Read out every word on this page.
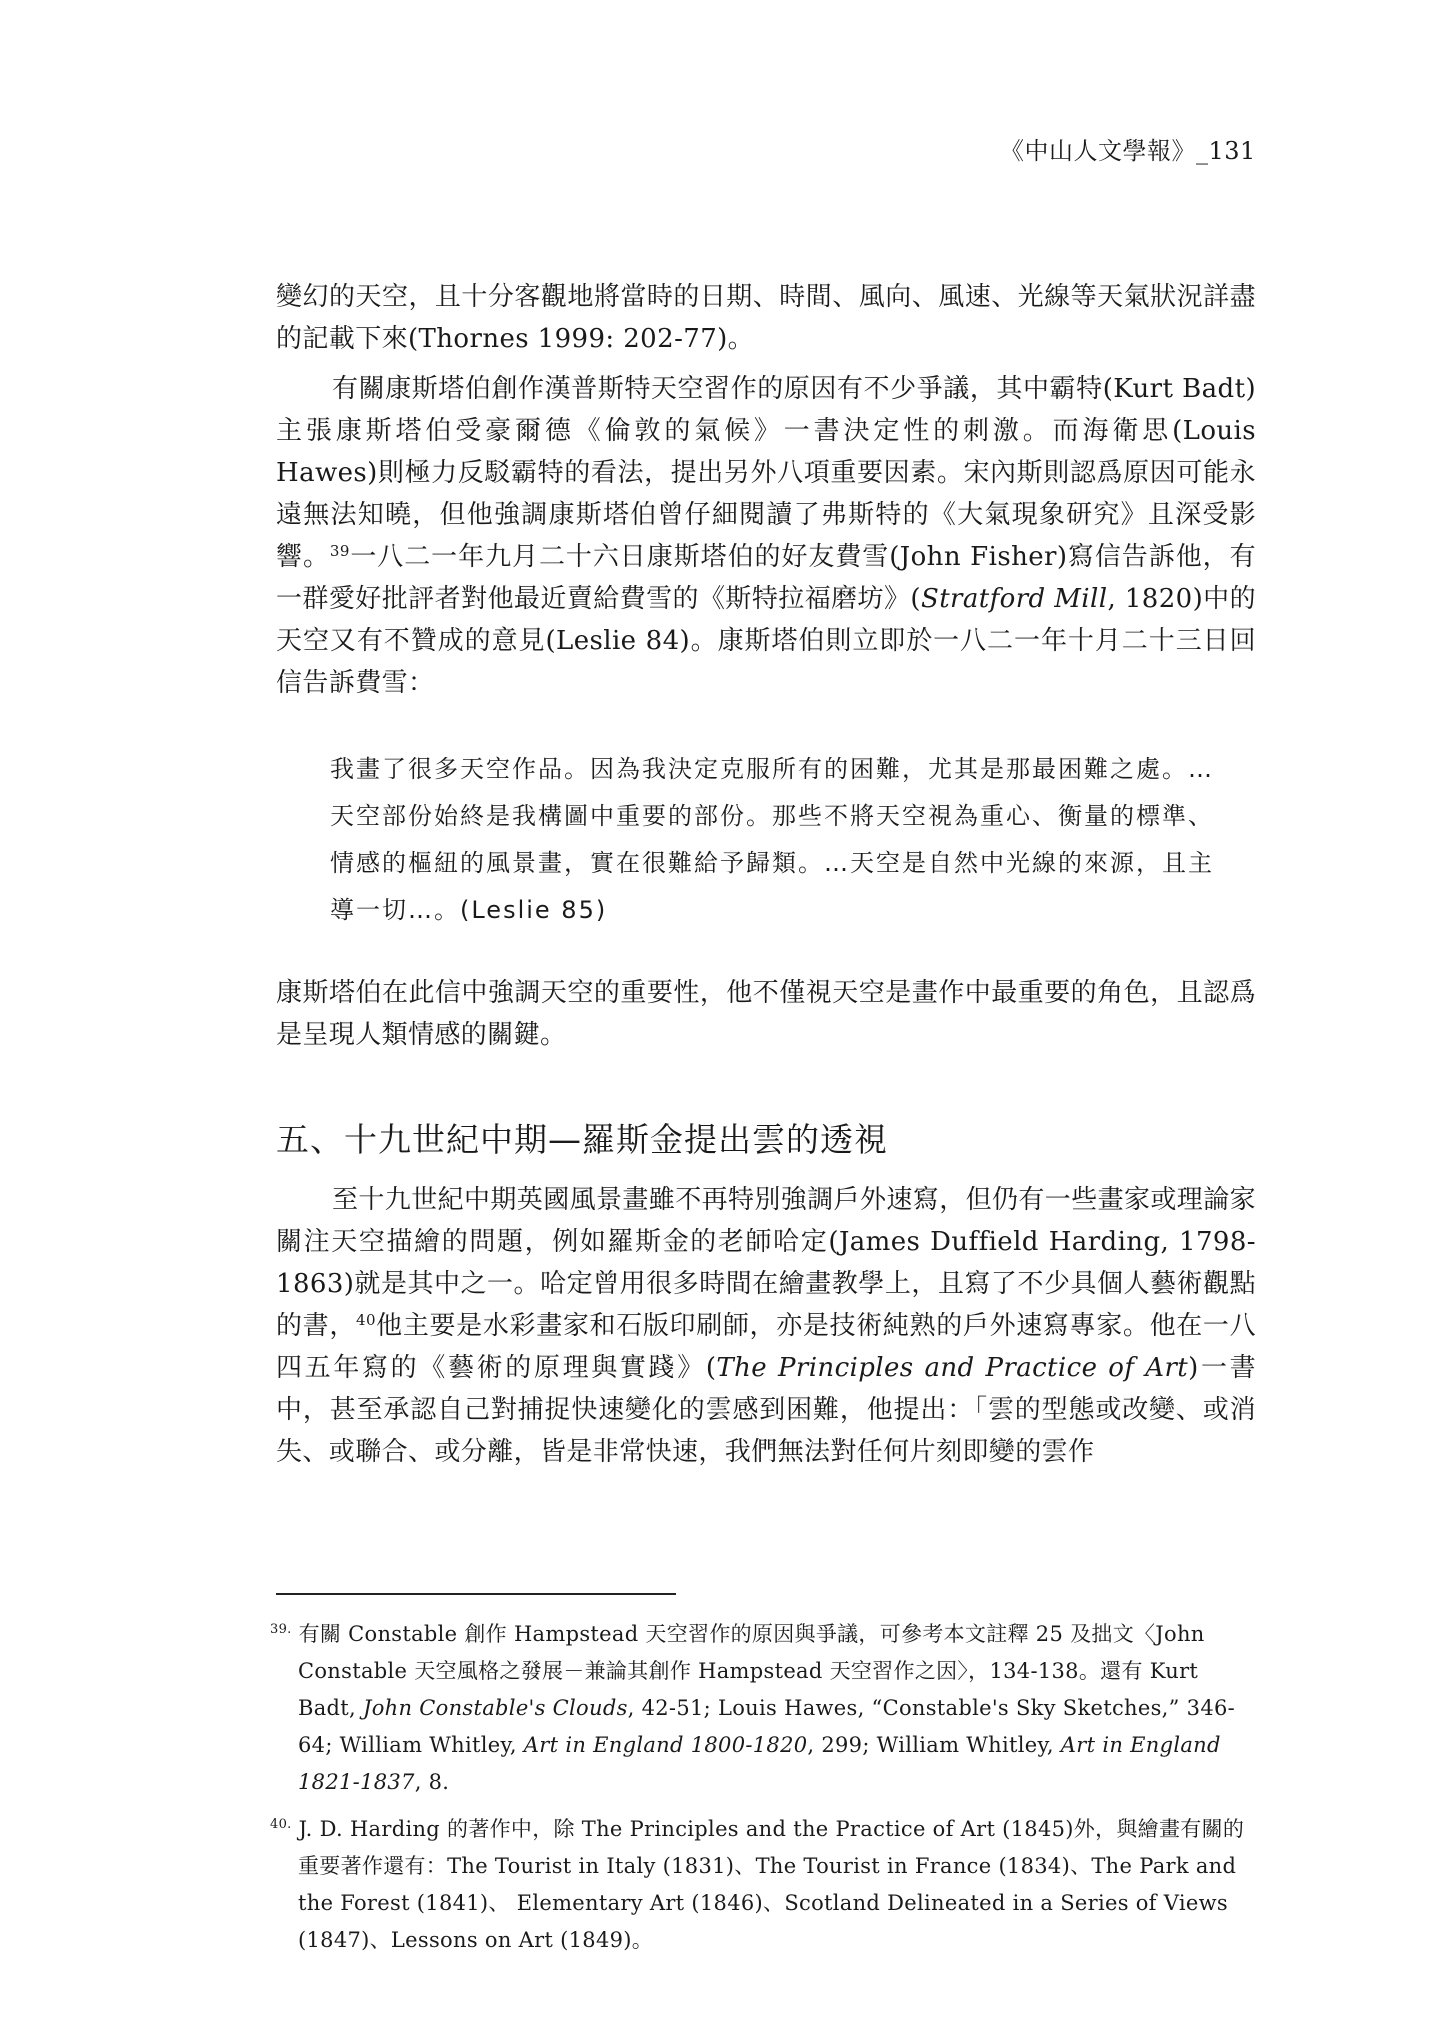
《中山人文學報》_131

變幻的天空，且十分客觀地將當時的日期、時間、風向、風速、光線等天氣狀況詳盡的記載下來(Thornes 1999: 202-77)。

有關康斯塔伯創作漢普斯特天空習作的原因有不少爭議，其中霸特(Kurt Badt)主張康斯塔伯受豪爾德《倫敦的氣候》一書決定性的刺激。而海衛思(Louis Hawes)則極力反駁霸特的看法，提出另外八項重要因素。宋內斯則認爲原因可能永遠無法知曉，但他強調康斯塔伯曾仔細閱讀了弗斯特的《大氣現象研究》且深受影響。$^{39}$一八二一年九月二十六日康斯塔伯的好友費雪(John Fisher)寫信告訴他，有一群愛好批評者對他最近賣給費雪的《斯特拉福磨坊》(Stratford Mill, 1820)中的天空又有不贊成的意見(Leslie 84)。康斯塔伯則立即於一八二一年十月二十三日回信告訴費雪：

我畫了很多天空作品。因為我決定克服所有的困難，尤其是那最困難之處。…天空部份始終是我構圖中重要的部份。那些不將天空視為重心、衡量的標準、情感的樞紐的風景畫，實在很難給予歸類。…天空是自然中光線的來源，且主導一切…。(Leslie 85)

康斯塔伯在此信中強調天空的重要性，他不僅視天空是畫作中最重要的角色，且認爲是呈現人類情感的關鍵。

五、十九世紀中期—羅斯金提出雲的透視

至十九世紀中期英國風景畫雖不再特別強調戶外速寫，但仍有一些畫家或理論家關注天空描繪的問題，例如羅斯金的老師哈定(James Duffield Harding, 1798-1863)就是其中之一。哈定曾用很多時間在繪畫教學上，且寫了不少具個人藝術觀點的書，$^{40}$他主要是水彩畫家和石版印刷師，亦是技術純熟的戶外速寫專家。他在一八四五年寫的《藝術的原理與實踐》(The Principles and Practice of Art)一書中，甚至承認自己對捕捉快速變化的雲感到困難，他提出：「雲的型態或改變、或消失、或聯合、或分離，皆是非常快速，我們無法對任何片刻即變的雲作

$^{39.}$ 有關 Constable 創作 Hampstead 天空習作的原因與爭議，可參考本文註釋 25 及拙文〈John Constable 天空風格之發展－兼論其創作 Hampstead 天空習作之因〉，134-138。還有 Kurt Badt, John Constable's Clouds, 42-51; Louis Hawes, “Constable's Sky Sketches,” 346-64; William Whitley, Art in England 1800-1820, 299; William Whitley, Art in England 1821-1837, 8.

$^{40.}$ J. D. Harding 的著作中，除 The Principles and the Practice of Art (1845)外，與繪畫有關的重要著作還有：The Tourist in Italy (1831)、The Tourist in France (1834)、The Park and the Forest (1841)、 Elementary Art (1846)、Scotland Delineated in a Series of Views (1847)、Lessons on Art (1849)。
